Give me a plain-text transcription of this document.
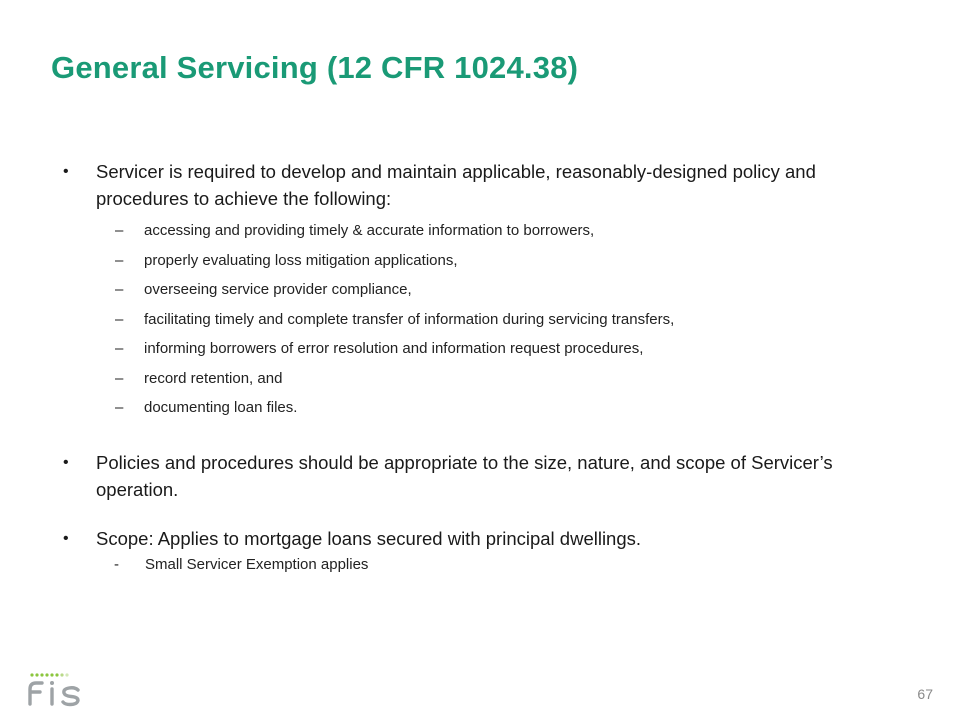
General Servicing (12 CFR 1024.38)
• Servicer is required to develop and maintain applicable, reasonably-designed policy and procedures to achieve the following:
‒ accessing and providing timely & accurate information to borrowers,
‒ properly evaluating loss mitigation applications,
‒ overseeing service provider compliance,
‒ facilitating timely and complete transfer of information during servicing transfers,
‒ informing borrowers of error resolution and information request procedures,
‒ record retention, and
‒ documenting loan files.
• Policies and procedures should be appropriate to the size, nature, and scope of Servicer’s operation.
• Scope: Applies to mortgage loans secured with principal dwellings.
- Small Servicer Exemption applies
67
